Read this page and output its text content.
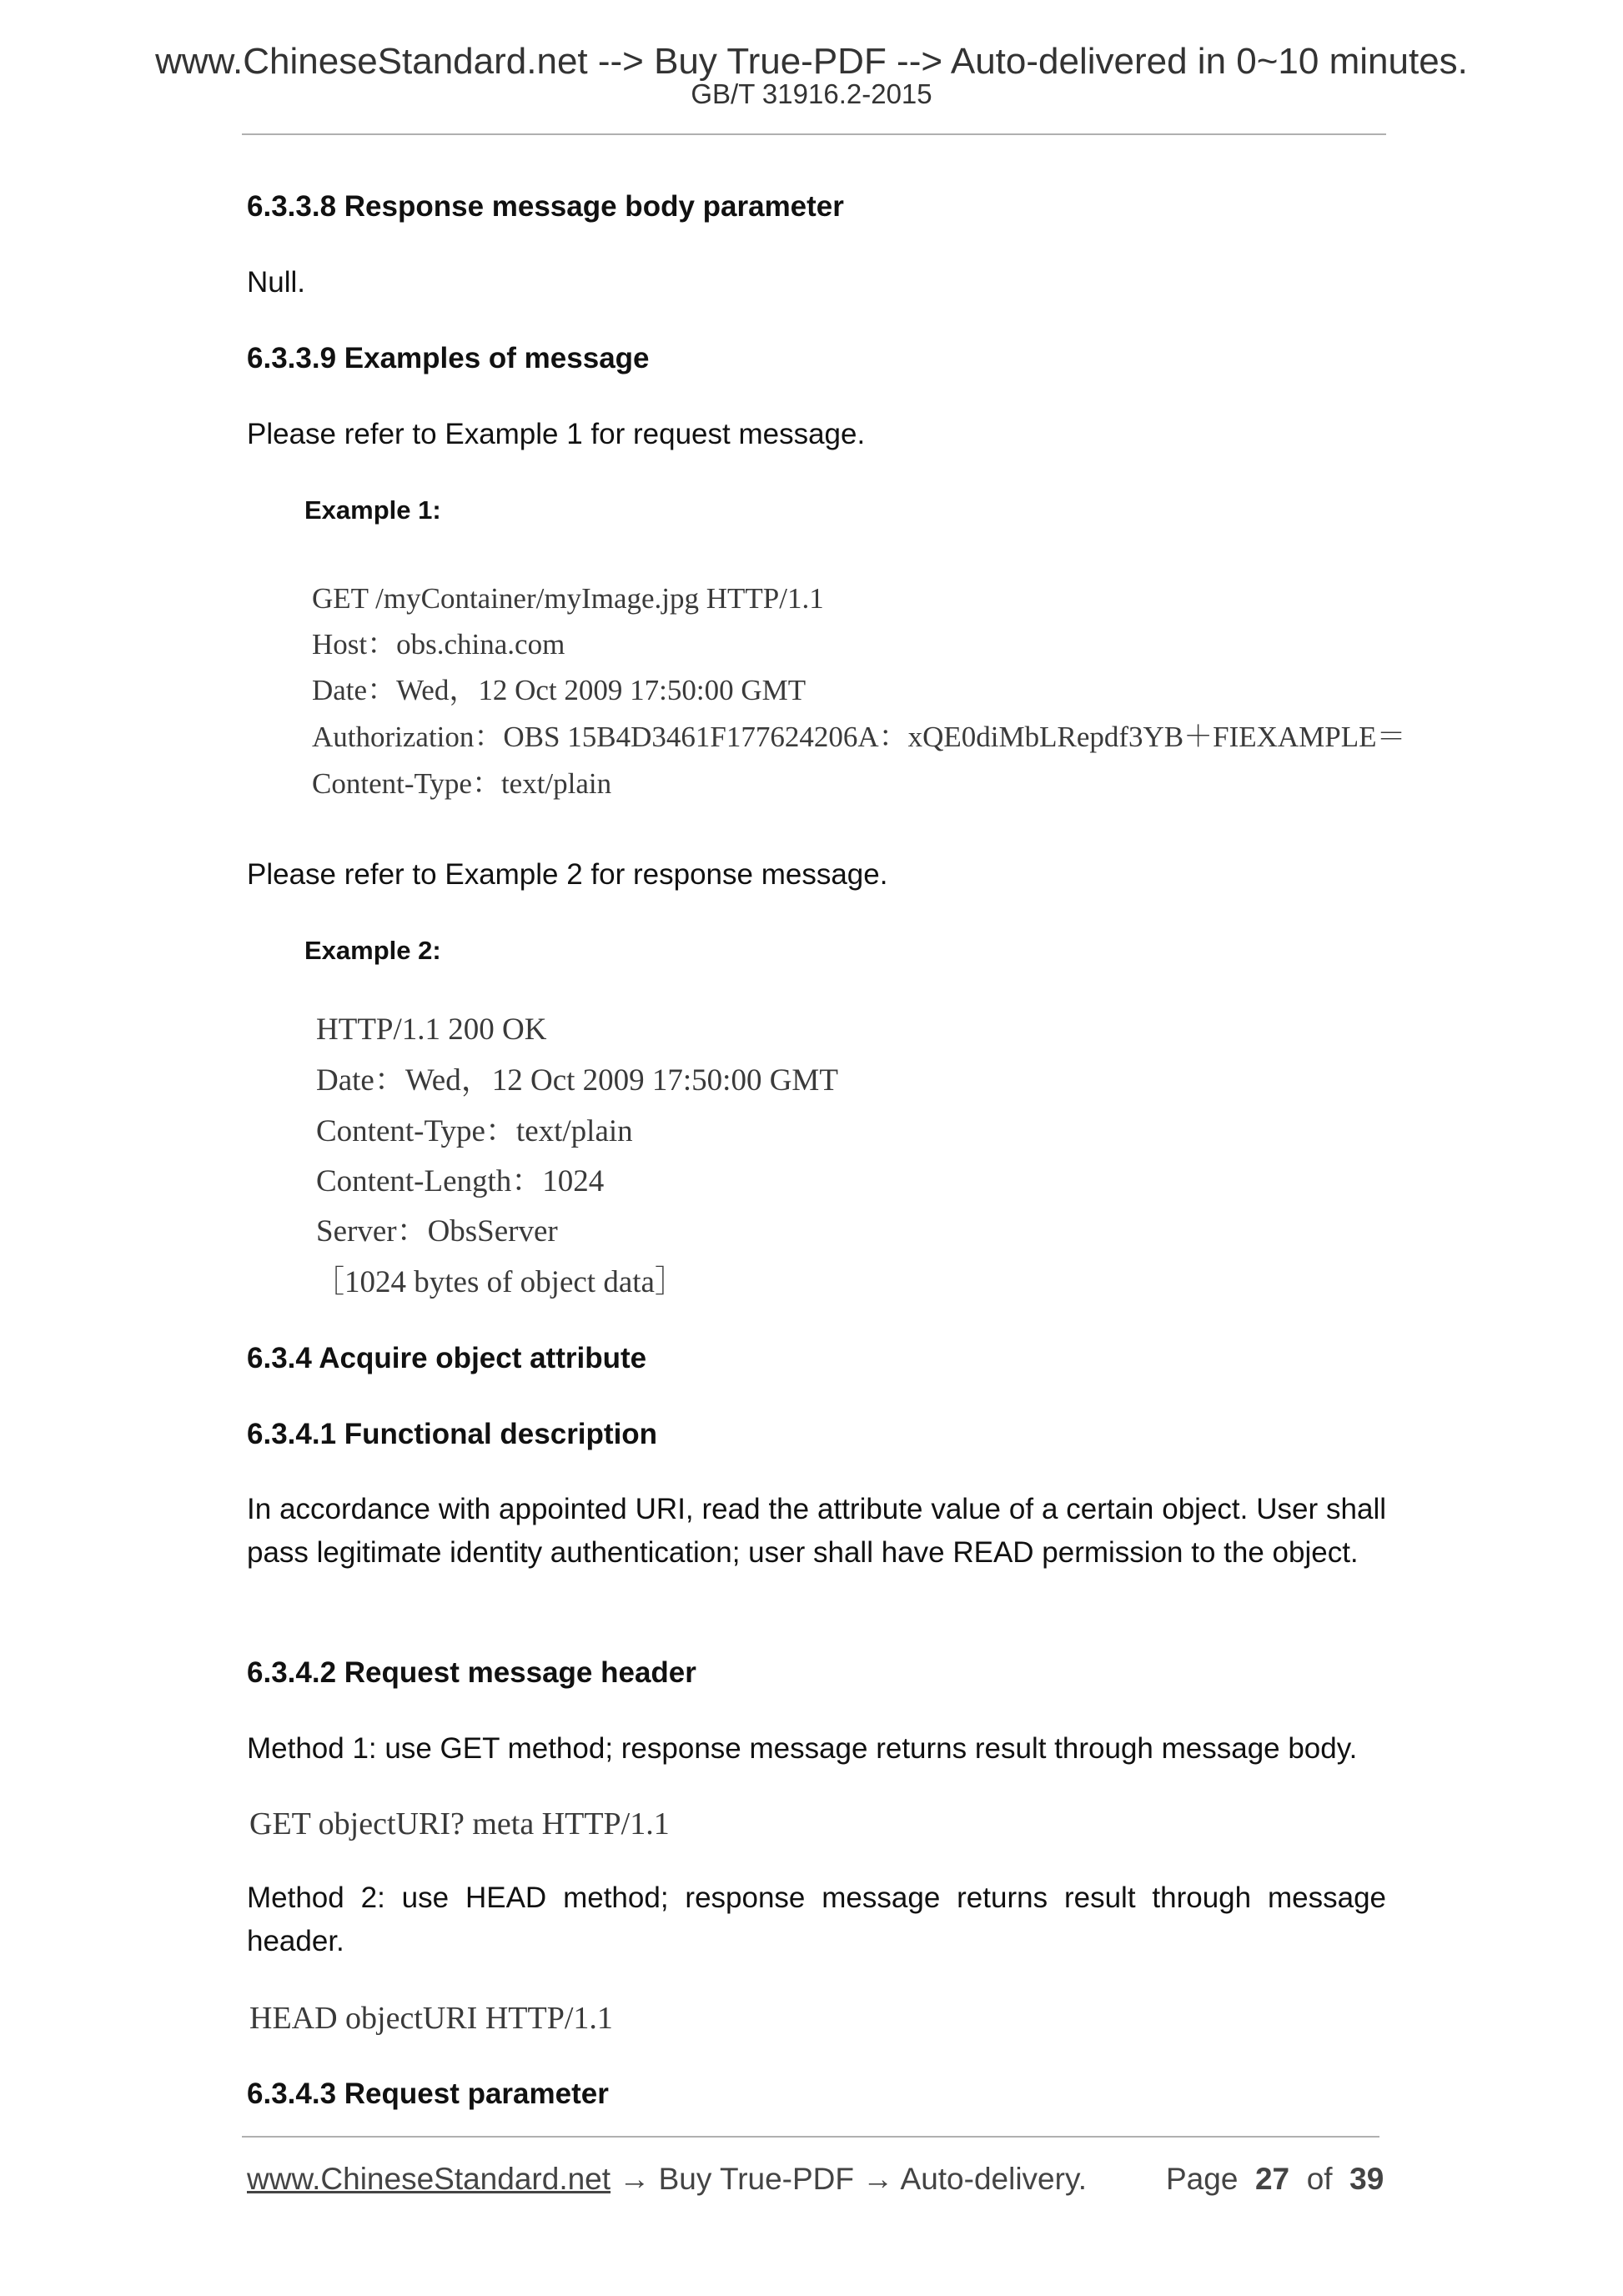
www.ChineseStandard.net --> Buy True-PDF --> Auto-delivered in 0~10 minutes.
GB/T 31916.2-2015
6.3.3.8 Response message body parameter
Null.
6.3.3.9 Examples of message
Please refer to Example 1 for request message.
Example 1:
GET /myContainer/myImage.jpg HTTP/1.1
Host：obs.china.com
Date：Wed，12 Oct 2009 17:50:00 GMT
Authorization：OBS 15B4D3461F177624206A：xQE0diMbLRepdf3YB＋FIEXAMPLE＝
Content-Type：text/plain
Please refer to Example 2 for response message.
Example 2:
HTTP/1.1 200 OK
Date：Wed，12 Oct 2009 17:50:00 GMT
Content-Type：text/plain
Content-Length：1024
Server：ObsServer
［1024 bytes of object data］
6.3.4 Acquire object attribute
6.3.4.1 Functional description
In accordance with appointed URI, read the attribute value of a certain object. User shall pass legitimate identity authentication; user shall have READ permission to the object.
6.3.4.2 Request message header
Method 1: use GET method; response message returns result through message body.
GET objectURI? meta HTTP/1.1
Method 2: use HEAD method; response message returns result through message header.
HEAD objectURI HTTP/1.1
6.3.4.3 Request parameter
www.ChineseStandard.net → Buy True-PDF → Auto-delivery.	Page 27 of 39
